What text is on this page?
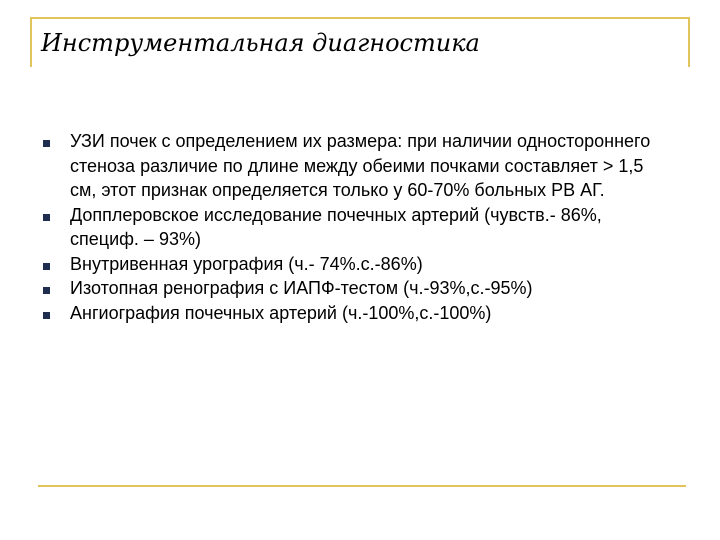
Инструментальная диагностика
УЗИ почек с определением их размера: при наличии одностороннего стеноза различие по длине между обеими почками составляет > 1,5 см, этот признак определяется только у 60-70% больных РВ АГ.
Допплеровское исследование почечных артерий (чувств.- 86%, специф. – 93%)
Внутривенная урография (ч.- 74%.с.-86%)
Изотопная ренография с ИАПФ-тестом (ч.-93%,с.-95%)
Ангиография почечных артерий (ч.-100%,с.-100%)
